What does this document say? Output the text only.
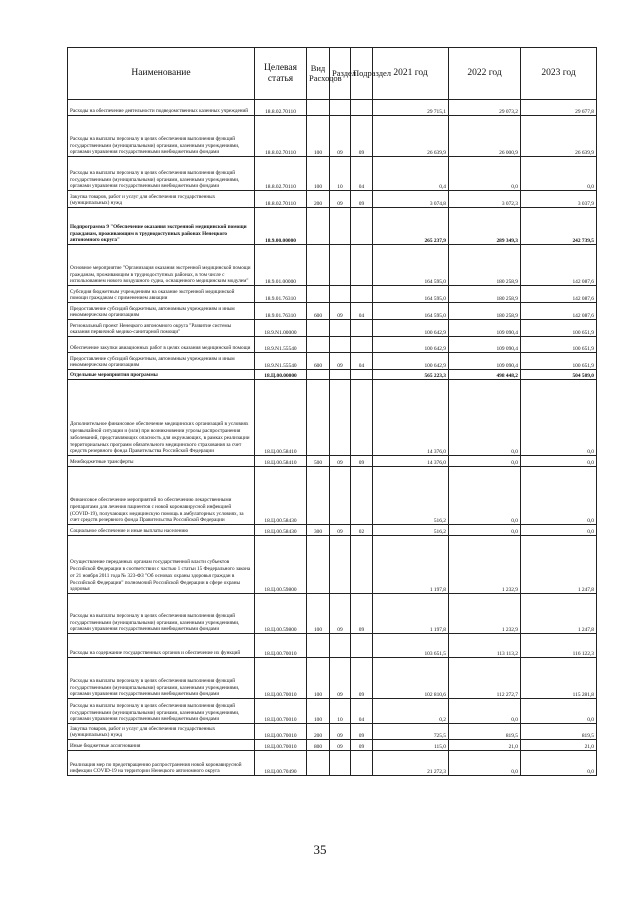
Наименование	Целевая статья	Вид Расходов	Раздел	Подраздел	2021 год	2022 год	2023 год
Расходы на обеспечение деятельности подведомственных казенных учреждений	18.8.02.70110				29 715,1	29 073,2	29 677,8
Расходы на выплаты персоналу в целях обеспечения выполнения функций государственными (муниципальными) органами, казенными учреждениями, органами управления государственными внебюджетными фондами	18.8.02.70110	100	09	09	26 639,9	26 000,9	26 639,9
Расходы на выплаты персоналу в целях обеспечения выполнения функций государственными (муниципальными) органами, казенными учреждениями, органами управления государственными внебюджетными фондами	18.8.02.70110	100	10	04	0,4	0,0	0,0
Закупка товаров, работ и услуг для обеспечения государственных (муниципальных) нужд	18.8.02.70110	200	09	09	3 074,8	3 072,3	3 037,9
Подпрограмма 9 "Обеспечение оказания экстренной медицинской помощи гражданам, проживающим в труднодоступных районах Ненецкого автономного округа"	18.9.00.00000				265 237,9	289 349,3	242 739,5
Основное мероприятие "Организация оказания экстренной медицинской помощи гражданам, проживающим в труднодоступных районах, в том числе с использованием нового воздушного судна, оснащенного медицинским модулем"	18.9.01.00000				164 595,0	180 258,9	142 087,6
Субсидия бюджетным учреждениям на оказание экстренной медицинской помощи гражданам с применением авиации	18.9.01.76310				164 595,0	180 258,9	142 087,6
Предоставление субсидий бюджетным, автономным учреждениям и иным некоммерческим организациям	18.9.01.76310	600	09	04	164 595,0	180 258,9	142 087,6
Региональный проект Ненецкого автономного округа "Развитие системы оказания первичной медико-санитарной помощи"	18.9.N1.00000				100 642,9	109 090,4	100 651,9
Обеспечение закупки авиационных работ в целях оказания медицинской помощи	18.9.N1.55540				100 642,9	109 090,4	100 651,9
Предоставление субсидий бюджетным, автономным учреждениям и иным некоммерческим организациям	18.9.N1.55540	600	09	04	100 642,9	109 090,4	100 651,9
Отдельные мероприятия программы	18.Ц.00.00000				565 223,3	498 448,2	504 509,0
Дополнительное финансовое обеспечение медицинских организаций в условиях чрезвычайной ситуации и (или) при возникновении угрозы распространения заболеваний, представляющих опасность для окружающих, в рамках реализации территориальных программ обязательного медицинского страхования за счет средств резервного фонда Правительства Российской Федерации	18.Ц.00.58410				14 376,0	0,0	0,0
Межбюджетные трансферты	18.Ц.00.58410	500	09	09	14 376,0	0,0	0,0
Финансовое обеспечение мероприятий по обеспечению лекарственными препаратами для лечения пациентов с новой коронавирусной инфекцией (COVID-19), получающих медицинскую помощь в амбулаторных условиях, за счет средств резервного фонда Правительства Российской Федерации	18.Ц.00.58430				516,2	0,0	0,0
Социальное обеспечение и иные выплаты населению	18.Ц.00.58430	300	09	02	516,2	0,0	0,0
Осуществление переданных органам государственной власти субъектов Российской Федерации в соответствии с частью 1 статьи 15 Федерального закона от 21 ноября 2011 года № 323-ФЗ "Об основах охраны здоровья граждан в Российской Федерации" полномочий Российской Федерации в сфере охраны здоровья	18.Ц.00.59800				1 197,8	1 232,9	1 247,8
Расходы на выплаты персоналу в целях обеспечения выполнения функций государственными (муниципальными) органами, казенными учреждениями, органами управления государственными внебюджетными фондами	18.Ц.00.59800	100	09	09	1 197,8	1 232,9	1 247,8
Расходы на содержание государственных органов и обеспечение их функций	18.Ц.00.70010				103 651,5	113 113,2	116 122,3
Расходы на выплаты персоналу в целях обеспечения выполнения функций государственными (муниципальными) органами, казенными учреждениями, органами управления государственными внебюджетными фондами	18.Ц.00.70010	100	09	09	102 810,6	112 272,7	115 281,8
Расходы на выплаты персоналу в целях обеспечения выполнения функций государственными (муниципальными) органами, казенными учреждениями, органами управления государственными внебюджетными фондами	18.Ц.00.70010	100	10	04	0,2	0,0	0,0
Закупка товаров, работ и услуг для обеспечения государственных (муниципальных) нужд	18.Ц.00.70010	200	09	09	725,5	819,5	819,5
Иные бюджетные ассигнования	18.Ц.00.70010	800	09	09	115,0	21,0	21,0
Реализация мер по предотвращению распространения новой коронавирусной инфекции COVID-19 на территории Ненецкого автономного округа	18.Ц.00.70490				21 272,3	0,0	0,0
35
